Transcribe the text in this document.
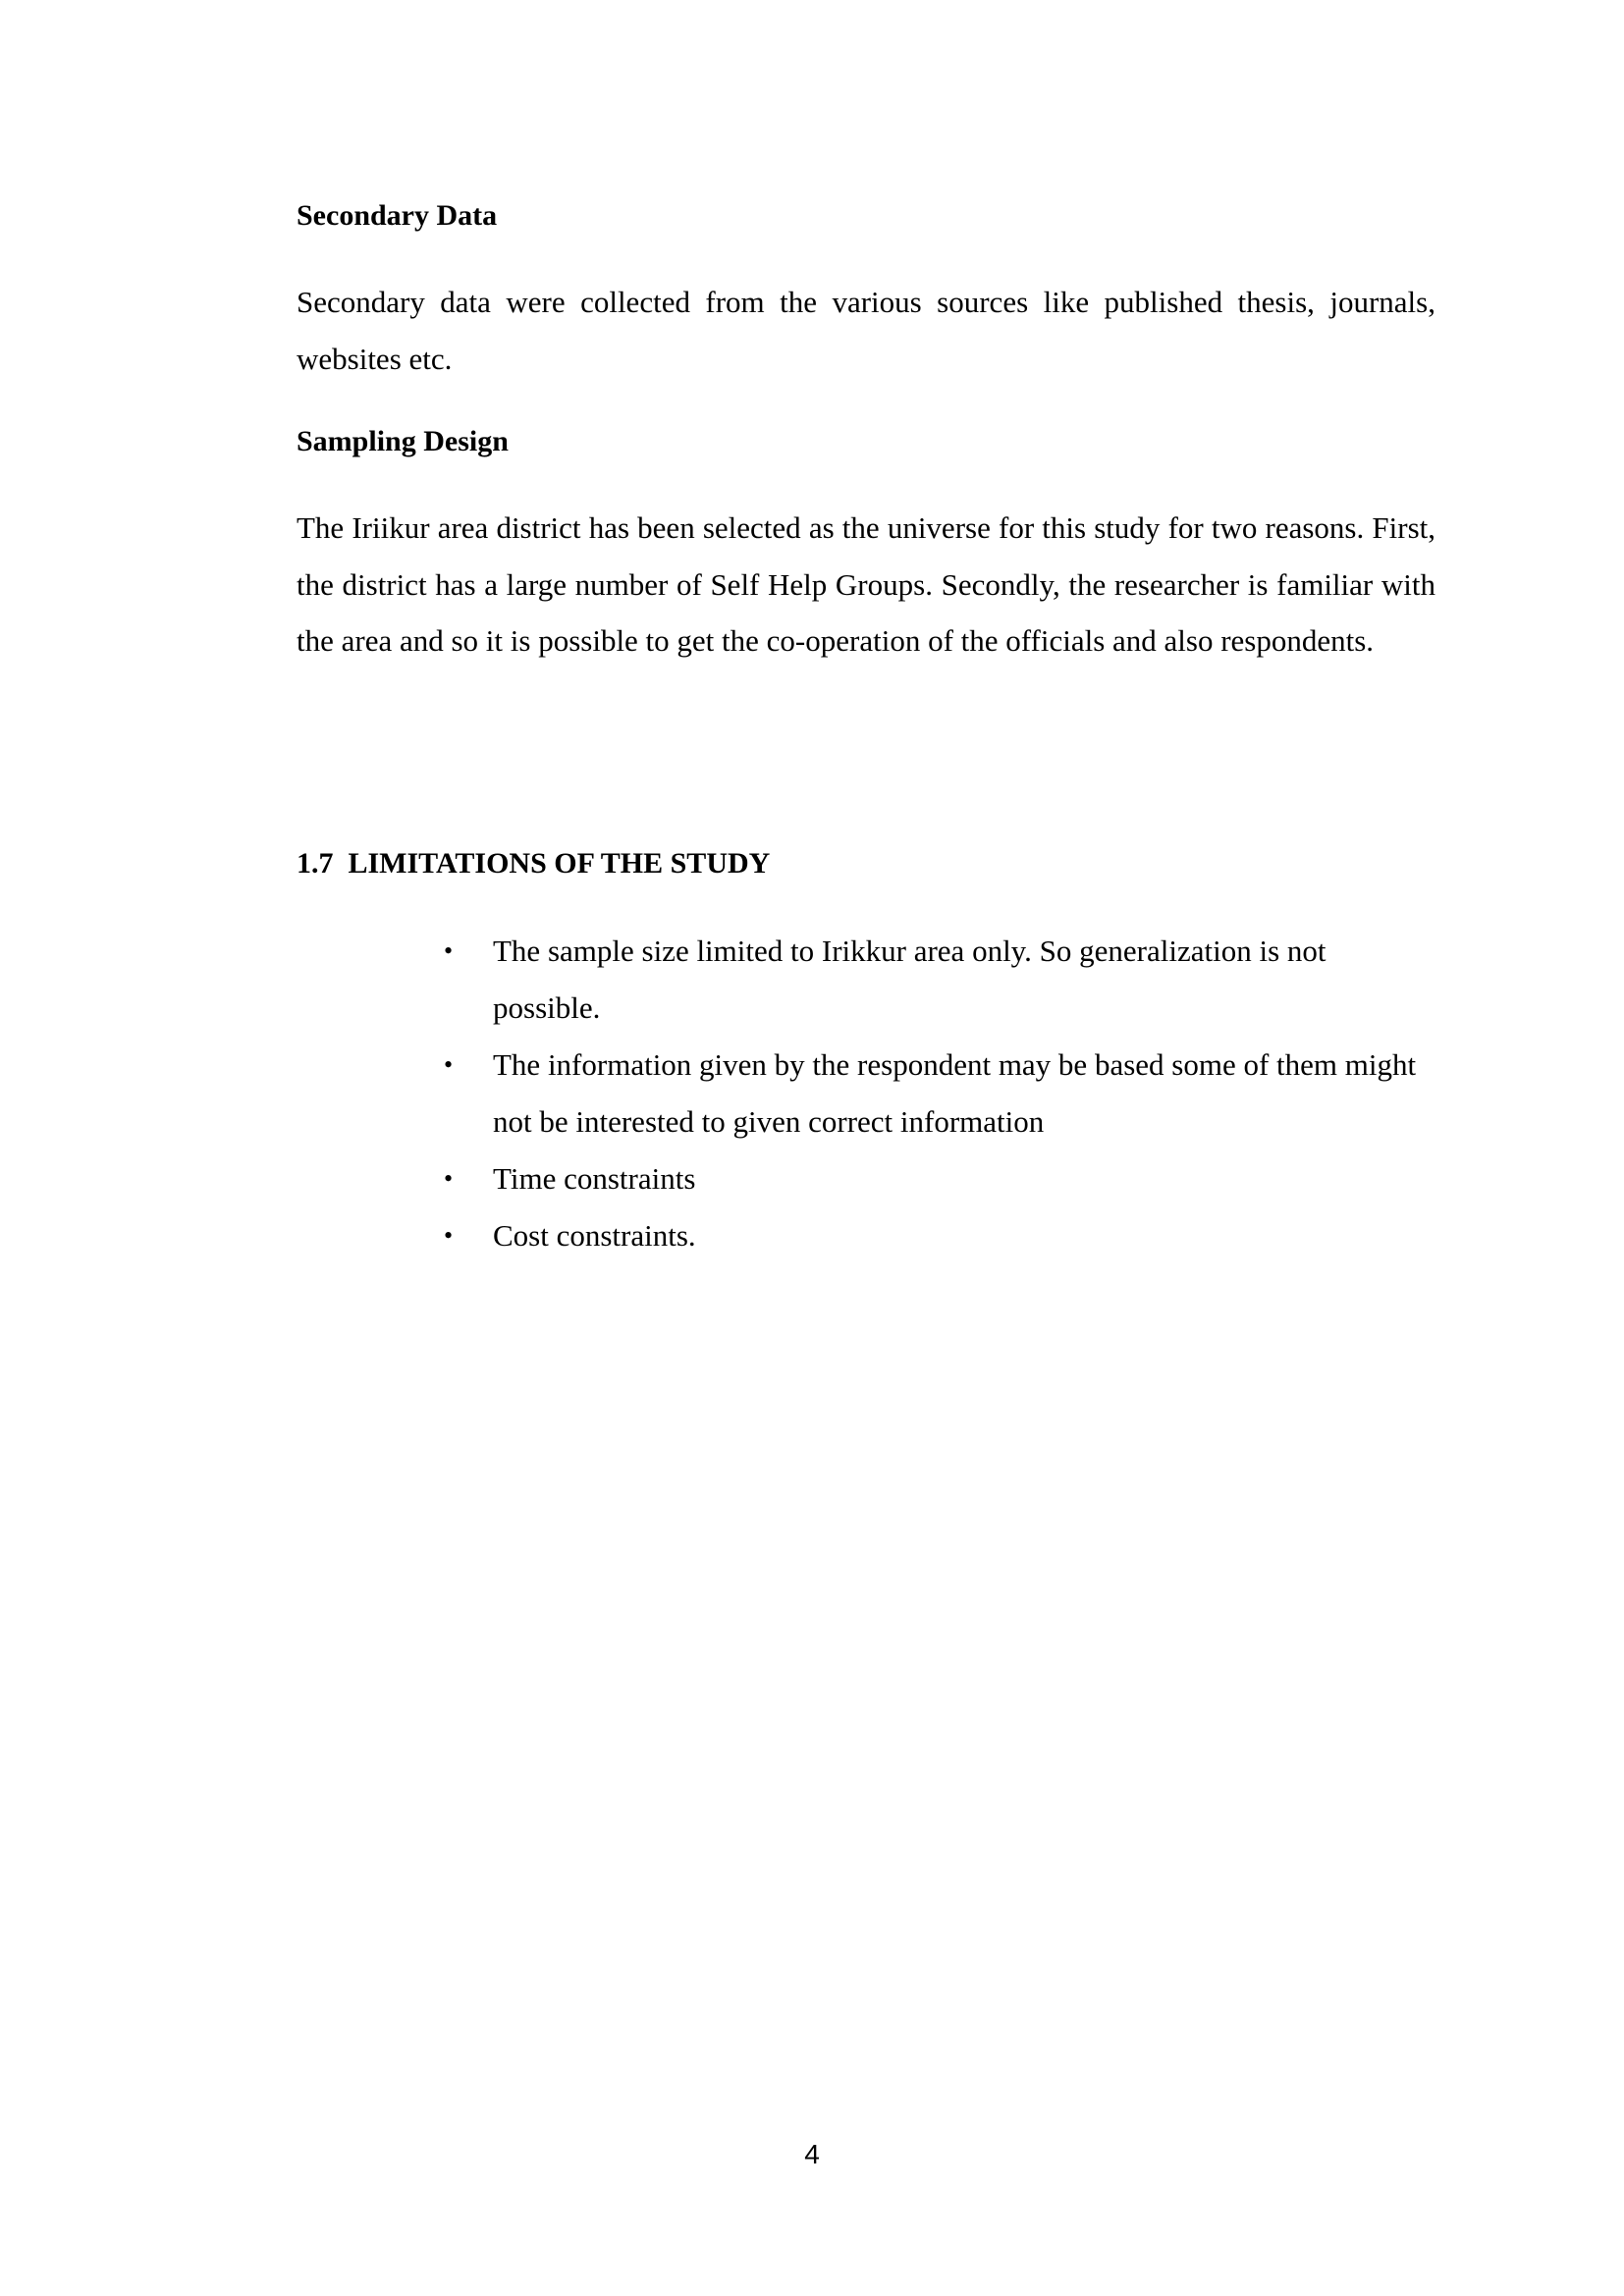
Secondary Data

Secondary data were collected from the various sources like published thesis, journals, websites etc.

Sampling Design

The Iriikur area district has been selected as the universe for this study for two reasons. First, the district has a large number of Self Help Groups. Secondly, the researcher is familiar with the area and so it is possible to get the co-operation of the officials and also respondents.

1.7  LIMITATIONS OF THE STUDY
• The sample size limited to Irikkur area only. So generalization is not possible.
• The information given by the respondent may be based some of them might not be interested to given correct information
• Time constraints
• Cost constraints.
4
